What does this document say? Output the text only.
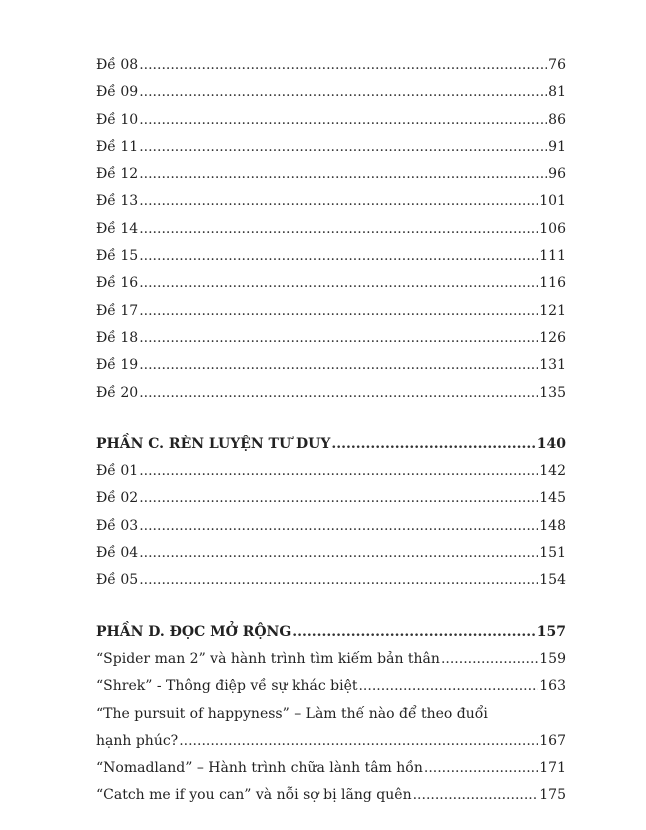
Đề 08 .....	76
Đề 09 .....	81
Đề 10 .....	86
Đề 11 .....	91
Đề 12 .....	96
Đề 13 .....	101
Đề 14 .....	106
Đề 15 .....	111
Đề 16 .....	116
Đề 17 .....	121
Đề 18 .....	126
Đề 19 .....	131
Đề 20 .....	135
PHẦN C. RÈN LUYỆN TƯ DUY .....	140
Đề 01 .....	142
Đề 02 .....	145
Đề 03 .....	148
Đề 04 .....	151
Đề 05 .....	154
PHẦN D. ĐỌC MỞ RỘNG .....	157
“Spider man 2” và hành trình tìm kiếm bản thân .....	159
“Shrek” - Thông điệp về sự khác biệt .....	163
“The pursuit of happyness” – Làm thế nào để theo đuổi
hạnh phúc? .....	167
“Nomadland” – Hành trình chữa lành tâm hồn .....	171
“Catch me if you can” và nỗi sợ bị lãng quên .....	175
